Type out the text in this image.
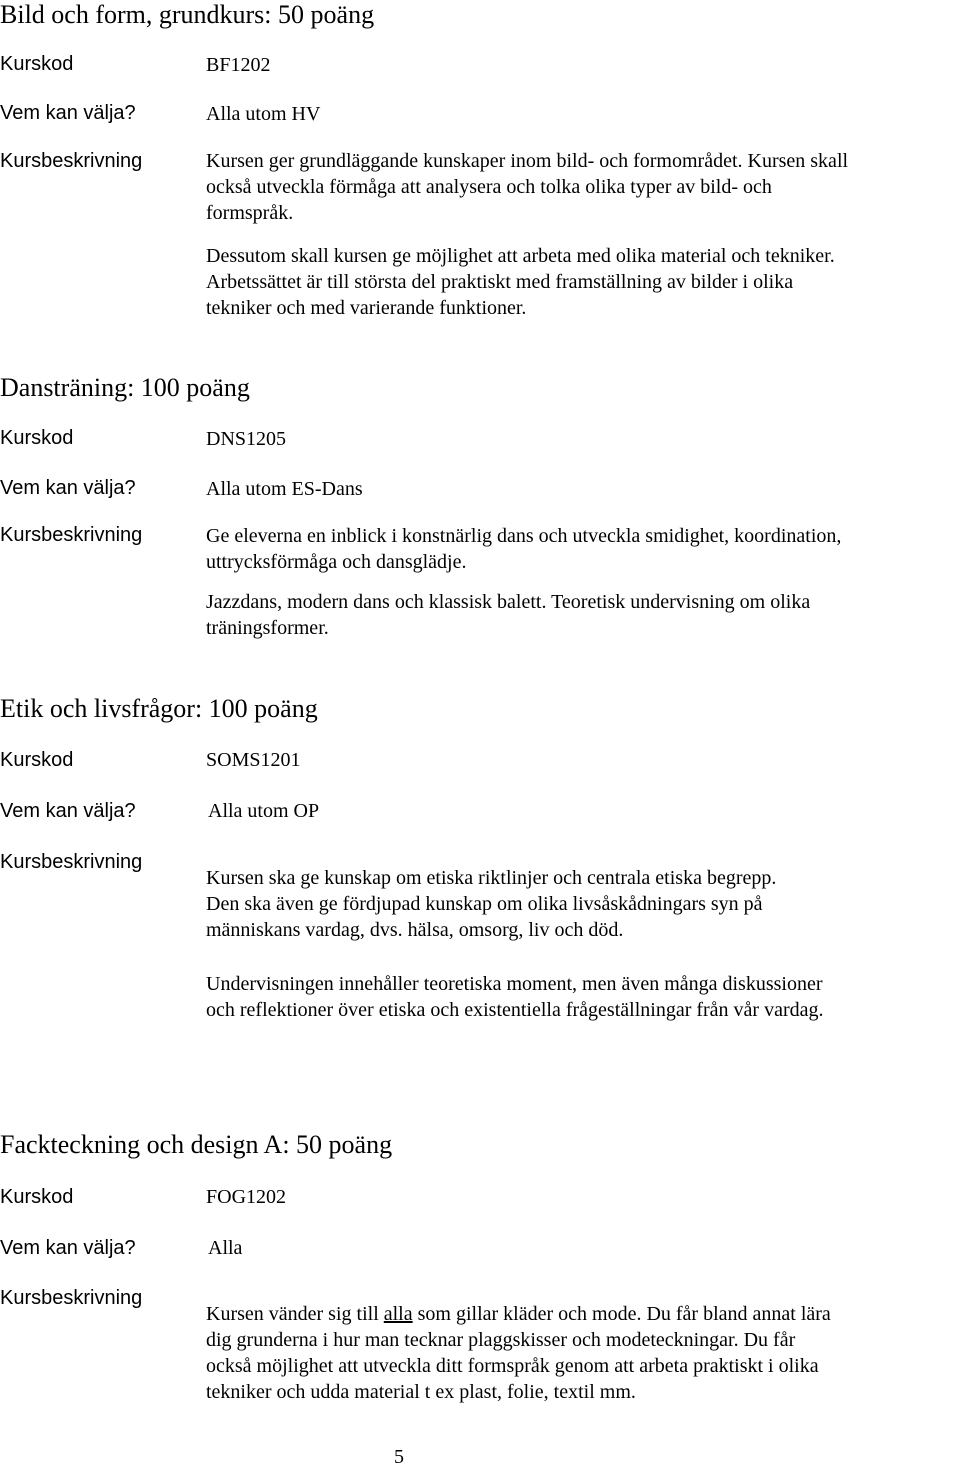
Bild och form, grundkurs: 50 poäng
Kurskod	BF1202
Vem kan välja?	Alla utom HV
Kursbeskrivning	Kursen ger grundläggande kunskaper inom bild- och formområdet. Kursen skall
också utveckla förmåga att analysera och tolka olika typer av bild- och
formspråk.
Dessutom skall kursen ge möjlighet att arbeta med olika material och tekniker.
Arbetssättet är till största del praktiskt med framställning av bilder i olika
tekniker och med varierande funktioner.
Dansträning: 100 poäng
Kurskod	DNS1205
Vem kan välja?	Alla utom ES-Dans
Kursbeskrivning	Ge eleverna en inblick i konstnärlig dans och utveckla smidighet, koordination,
uttrycksförmåga och dansglädje.
Jazzdans, modern dans och klassisk balett. Teoretisk undervisning om olika
träningsformer.
Etik och livsfrågor: 100 poäng
Kurskod	SOMS1201
Vem kan välja?	Alla utom OP
Kursbeskrivning
Kursen ska ge kunskap om etiska riktlinjer och centrala etiska begrepp.
Den ska även ge fördjupad kunskap om olika livsåskådningars syn på
människans vardag, dvs. hälsa, omsorg, liv och död.
Undervisningen innehåller teoretiska moment, men även många diskussioner
och reflektioner över etiska och existentiella frågeställningar från vår vardag.
Fackteckning och design A: 50 poäng
Kurskod	FOG1202
Vem kan välja?	Alla
Kursbeskrivning
Kursen vänder sig till alla som gillar kläder och mode. Du får bland annat lära
dig grunderna i hur man tecknar plaggskisser och modeteckningar. Du får
också möjlighet att utveckla ditt formspråk genom att arbeta praktiskt i olika
tekniker och udda material t ex plast, folie, textil mm.
5
